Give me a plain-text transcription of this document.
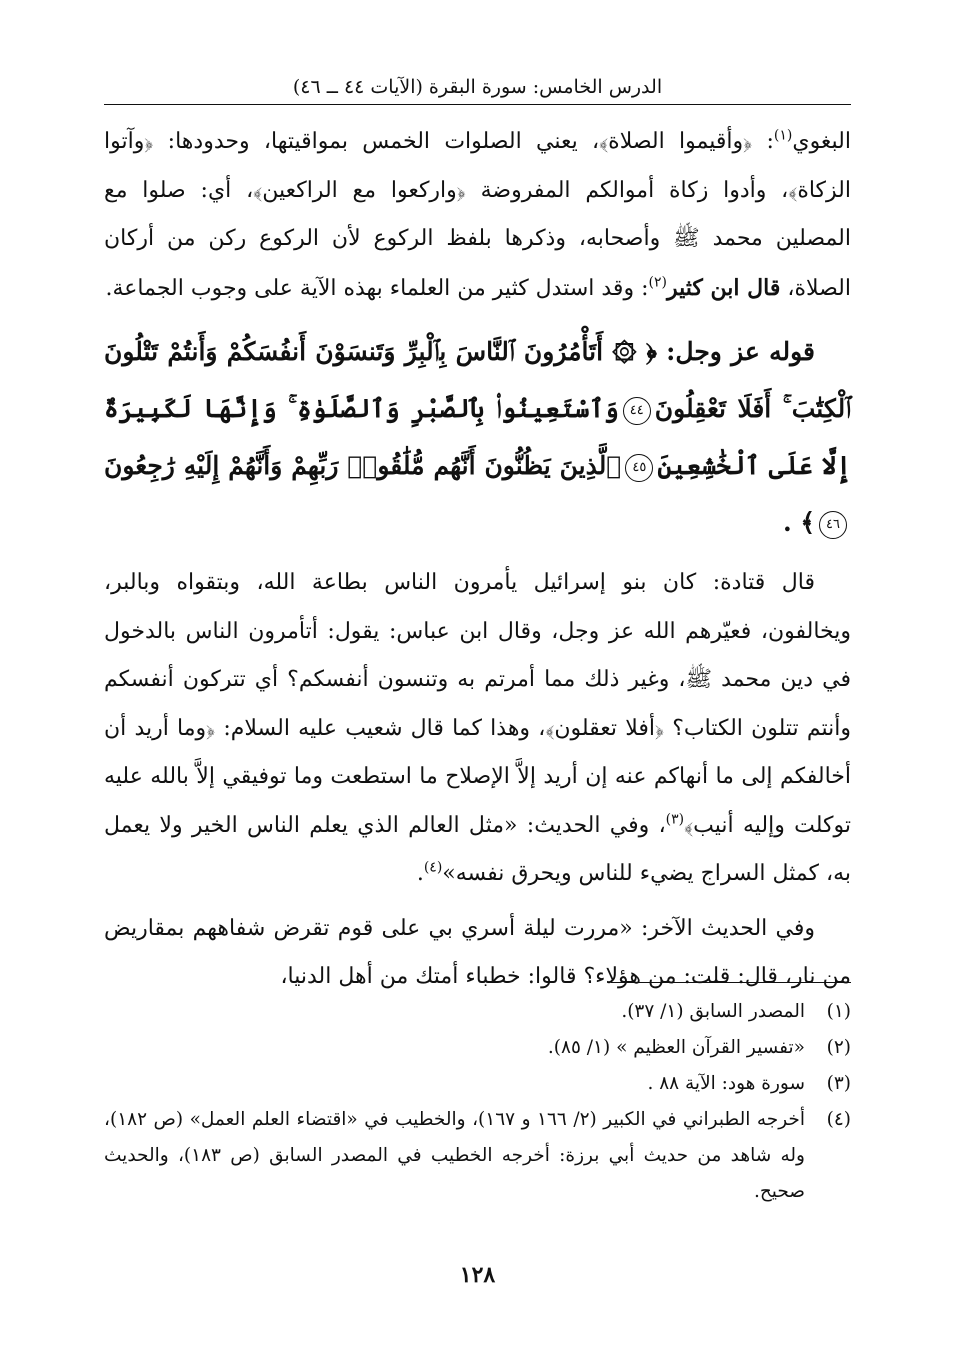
الدرس الخامس: سورة البقرة (الآيات ٤٤ ــ ٤٦)

البغوي$^{(١)}$: ﴿وأقيموا الصلاة﴾، يعني الصلوات الخمس بمواقيتها، وحدودها: ﴿وآتوا الزكاة﴾، وأدوا زكاة أموالكم المفروضة ﴿واركعوا مع الراكعين﴾، أي: صلوا مع المصلين محمد ﷺ وأصحابه، وذكرها بلفظ الركوع لأن الركوع ركن من أركان الصلاة، قال ابن كثير$^{(٢)}$: وقد استدل كثير من العلماء بهذه الآية على وجوب الجماعة.

قوله عز وجل: ﴿ ۞ أَتَأْمُرُونَ ٱلنَّاسَ بِٱلْبِرِّ وَتَنسَوْنَ أَنفُسَكُمْ وَأَنتُمْ تَتْلُونَ ٱلْكِتَٰبَ ۚ أَفَلَا تَعْقِلُونَ٤٤وَٱسْتَعِينُوا۟ بِٱلصَّبْرِ وَٱلصَّلَوٰةِ ۚ وَإِنَّهَا لَكَبِيرَةٌ إِلَّا عَلَى ٱلْخَٰشِعِينَ٤٥ٱلَّذِينَ يَظُنُّونَ أَنَّهُم مُّلَٰقُوا۟ رَبِّهِمْ وَأَنَّهُمْ إِلَيْهِ رَٰجِعُونَ٤٦﴾ .

قال قتادة: كان بنو إسرائيل يأمرون الناس بطاعة الله، وبتقواه وبالبر، ويخالفون، فعيّرهم الله عز وجل، وقال ابن عباس: يقول: أتأمرون الناس بالدخول في دين محمد ﷺ، وغير ذلك مما أمرتم به وتنسون أنفسكم؟ أي تتركون أنفسكم وأنتم تتلون الكتاب؟ ﴿أفلا تعقلون﴾، وهذا كما قال شعيب عليه السلام: ﴿وما أريد أن أخالفكم إلى ما أنهاكم عنه إن أريد إلاَّ الإصلاح ما استطعت وما توفيقي إلاَّ بالله عليه توكلت وإليه أنيب﴾$^{(٣)}$، وفي الحديث: «مثل العالم الذي يعلم الناس الخير ولا يعمل به، كمثل السراج يضيء للناس ويحرق نفسه»$^{(٤)}$.

وفي الحديث الآخر: «مررت ليلة أسري بي على قوم تقرض شفاههم بمقاريض من نار، قال: قلت: من هؤلاء؟ قالوا: خطباء أمتك من أهل الدنيا،

(١)
المصدر السابق (١/ ٣٧).
(٢)
«تفسير القرآن العظيم » (١/ ٨٥).
(٣)
سورة هود: الآية ٨٨ .
(٤)
أخرجه الطبراني في الكبير (٢/ ١٦٦ و ١٦٧)، والخطيب في «اقتضاء العلم العمل» (ص ١٨٢)، وله شاهد من حديث أبي برزة: أخرجه الخطيب في المصدر السابق (ص ١٨٣)، والحديث صحيح.
١٢٨
